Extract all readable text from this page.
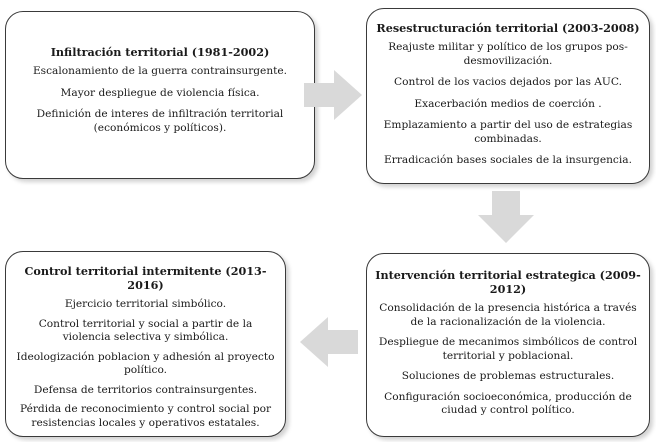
Infiltración territorial (1981-2002)
Escalonamiento de la guerra contrainsurgente.
Mayor despliegue de violencia física.
Definición de interes de infiltración territorial (económicos y políticos).
Resestructuración territorial (2003-2008)
Reajuste militar y político de los grupos pos-desmovilización.
Control de los vacios dejados por las AUC.
Exacerbación medios de coerción .
Emplazamiento a partir del uso de estrategias combinadas.
Erradicación bases sociales de la insurgencia.
Intervención territorial estrategica (2009-2012)
Consolidación de la presencia histórica a través de la racionalización de la violencia.
Despliegue de mecanimos simbólicos de control territorial y poblacional.
Soluciones de problemas estructurales.
Configuración socioeconómica, producción de ciudad y control político.
Control territorial intermitente (2013-2016)
Ejercicio territorial simbólico.
Control territorial y social a partir de la violencia selectiva y simbólica.
Ideologización poblacion y adhesión al proyecto político.
Defensa de territorios contrainsurgentes.
Pérdida de reconocimiento y control social por resistencias locales y operativos estatales.
